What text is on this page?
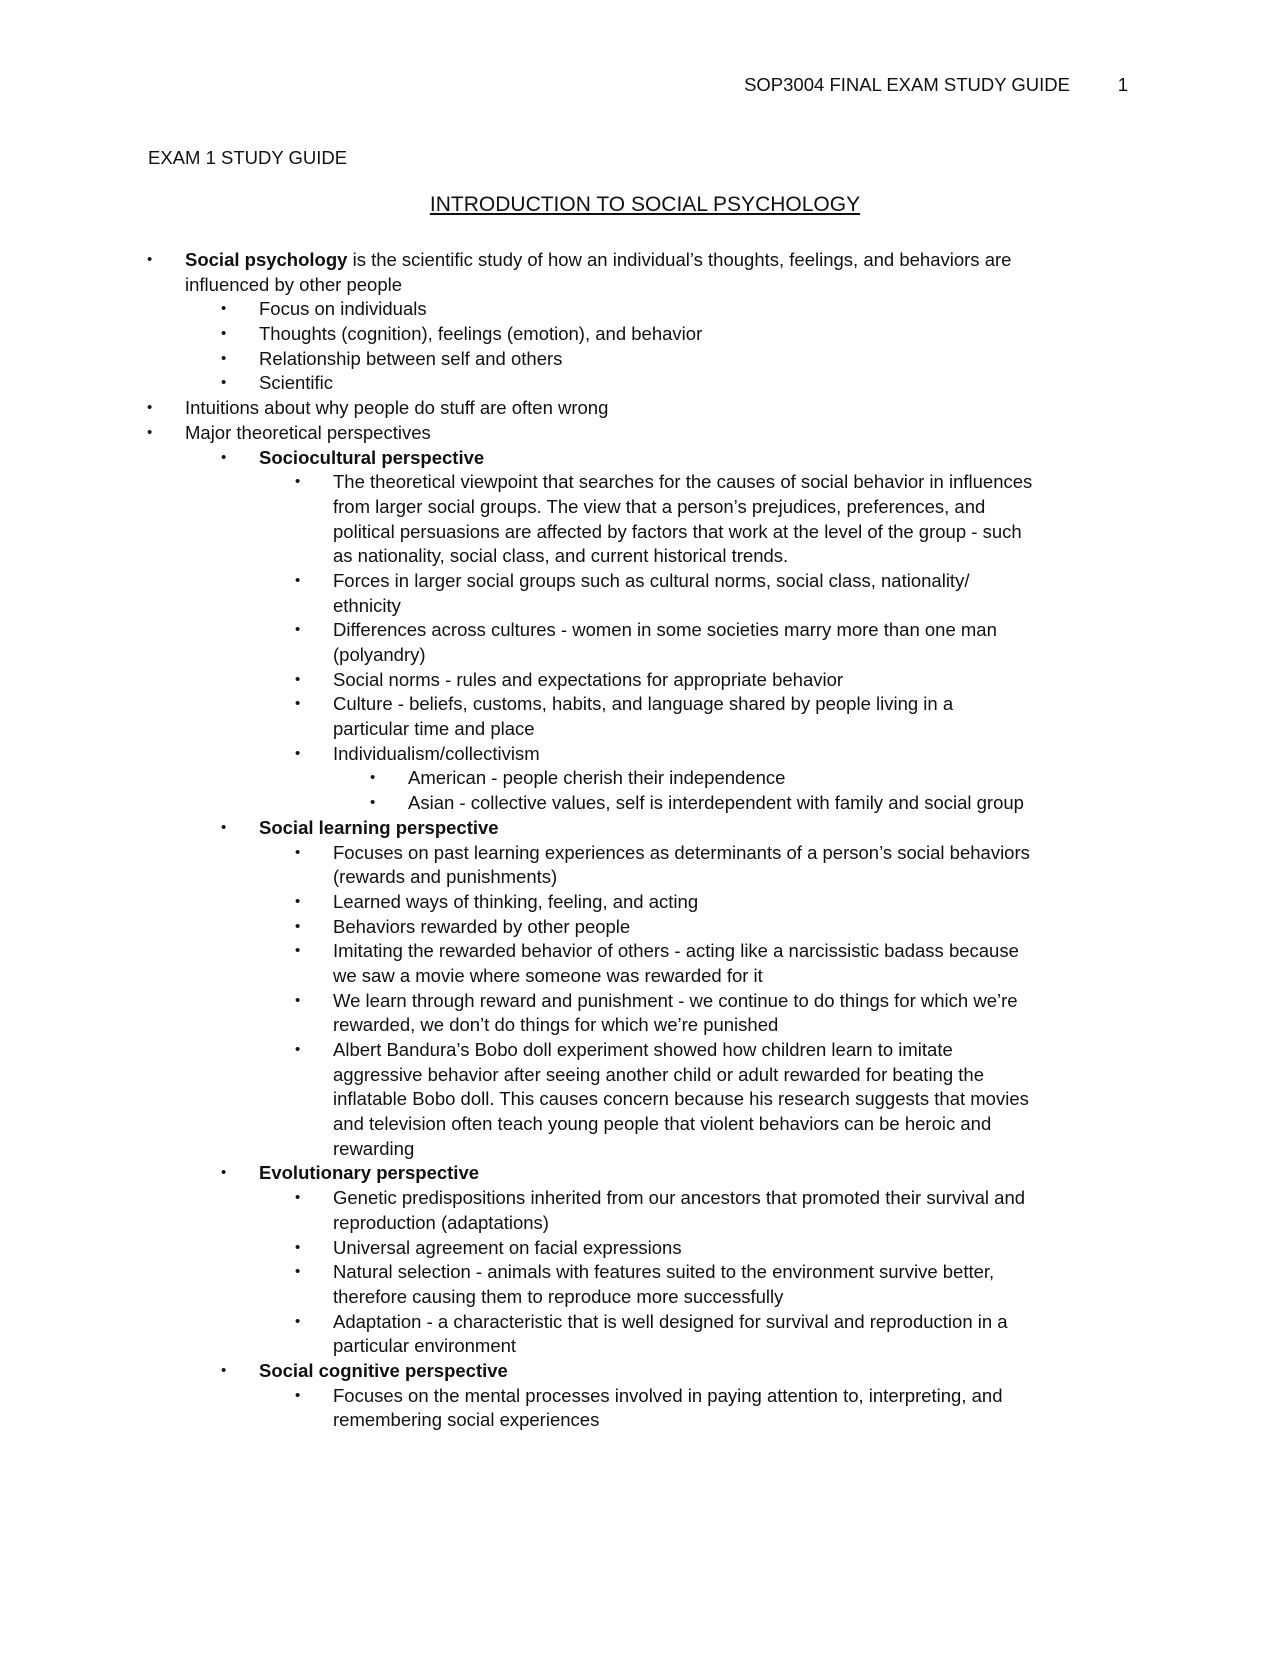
SOP3004 FINAL EXAM STUDY GUIDE	1
EXAM 1 STUDY GUIDE
INTRODUCTION TO SOCIAL PSYCHOLOGY
• Social psychology is the scientific study of how an individual’s thoughts, feelings, and behaviors are
influenced by other people
• Focus on individuals
• Thoughts (cognition), feelings (emotion), and behavior
• Relationship between self and others
• Scientific
• Intuitions about why people do stuff are often wrong
• Major theoretical perspectives
• Sociocultural perspective
• The theoretical viewpoint that searches for the causes of social behavior in influences
from larger social groups. The view that a person’s prejudices, preferences, and
political persuasions are affected by factors that work at the level of the group - such
as nationality, social class, and current historical trends.
• Forces in larger social groups such as cultural norms, social class, nationality/
ethnicity
• Differences across cultures - women in some societies marry more than one man
(polyandry)
• Social norms - rules and expectations for appropriate behavior
• Culture - beliefs, customs, habits, and language shared by people living in a
particular time and place
• Individualism/collectivism
• American - people cherish their independence
• Asian - collective values, self is interdependent with family and social group
• Social learning perspective
• Focuses on past learning experiences as determinants of a person’s social behaviors
(rewards and punishments)
• Learned ways of thinking, feeling, and acting
• Behaviors rewarded by other people
• Imitating the rewarded behavior of others - acting like a narcissistic badass because
we saw a movie where someone was rewarded for it
• We learn through reward and punishment - we continue to do things for which we’re
rewarded, we don’t do things for which we’re punished
• Albert Bandura’s Bobo doll experiment showed how children learn to imitate
aggressive behavior after seeing another child or adult rewarded for beating the
inflatable Bobo doll. This causes concern because his research suggests that movies
and television often teach young people that violent behaviors can be heroic and
rewarding
• Evolutionary perspective
• Genetic predispositions inherited from our ancestors that promoted their survival and
reproduction (adaptations)
• Universal agreement on facial expressions
• Natural selection - animals with features suited to the environment survive better,
therefore causing them to reproduce more successfully
• Adaptation - a characteristic that is well designed for survival and reproduction in a
particular environment
• Social cognitive perspective
• Focuses on the mental processes involved in paying attention to, interpreting, and
remembering social experiences
